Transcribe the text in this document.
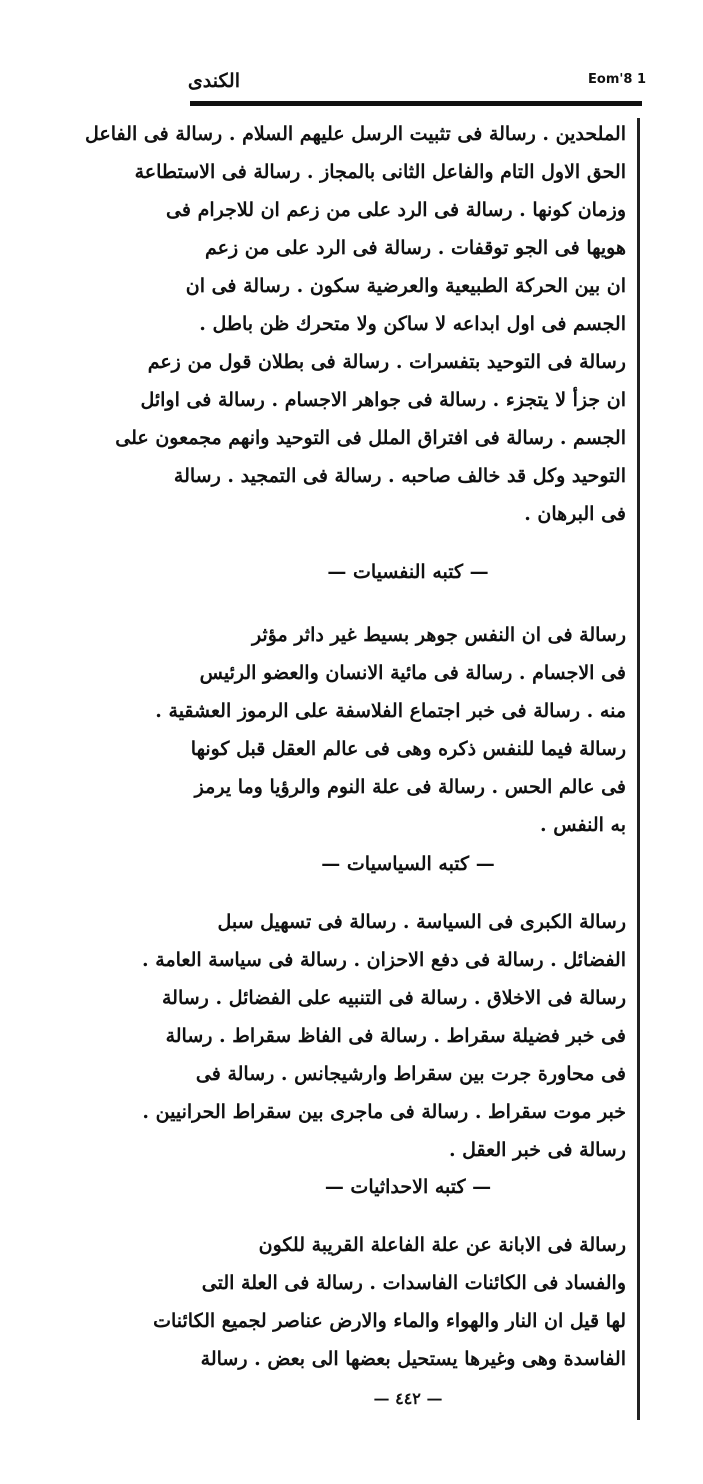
الكندى	Eom'8 1
الملحدين . رسالة فى تثبيت الرسل عليهم السلام . رسالة فى الفاعل
الحق الاول التام والفاعل الثانى بالمجاز . رسالة فى الاستطاعة
وزمان كونها . رسالة فى الرد على من زعم ان للاجرام فى
هويها فى الجو توقفات . رسالة فى الرد على من زعم
ان بين الحركة الطبيعية والعرضية سكون . رسالة فى ان
الجسم فى اول ابداعه لا ساكن ولا متحرك ظن باطل .
رسالة فى التوحيد بتفسرات . رسالة فى بطلان قول من زعم
ان جزأ لا يتجزء . رسالة فى جواهر الاجسام . رسالة فى اوائل
الجسم . رسالة فى افتراق الملل فى التوحيد وانهم مجمعون على
التوحيد وكل قد خالف صاحبه . رسالة فى التمجيد . رسالة
فى البرهان .
— كتبه النفسيات —
رسالة فى ان النفس جوهر بسيط غير داثر مؤثر
فى الاجسام . رسالة فى مائية الانسان والعضو الرئيس
منه . رسالة فى خبر اجتماع الفلاسفة على الرموز العشقية .
رسالة فيما للنفس ذكره وهى فى عالم العقل قبل كونها
فى عالم الحس . رسالة فى علة النوم والرؤيا وما يرمز
به النفس .
— كتبه السياسيات —
رسالة الكبرى فى السياسة . رسالة فى تسهيل سبل
الفضائل . رسالة فى دفع الاحزان . رسالة فى سياسة العامة .
رسالة فى الاخلاق . رسالة فى التنبيه على الفضائل . رسالة
فى خبر فضيلة سقراط . رسالة فى الفاظ سقراط . رسالة
فى محاورة جرت بين سقراط وارشيجانس . رسالة فى
خبر موت سقراط . رسالة فى ماجرى بين سقراط الحرانيين .
رسالة فى خبر العقل .
— كتبه الاحداثيات —
رسالة فى الابانة عن علة الفاعلة القريبة للكون
والفساد فى الكائنات الفاسدات . رسالة فى العلة التى
لها قيل ان النار والهواء والماء والارض عناصر لجميع الكائنات
الفاسدة وهى وغيرها يستحيل بعضها الى بعض . رسالة
— ٤٤٢ —
